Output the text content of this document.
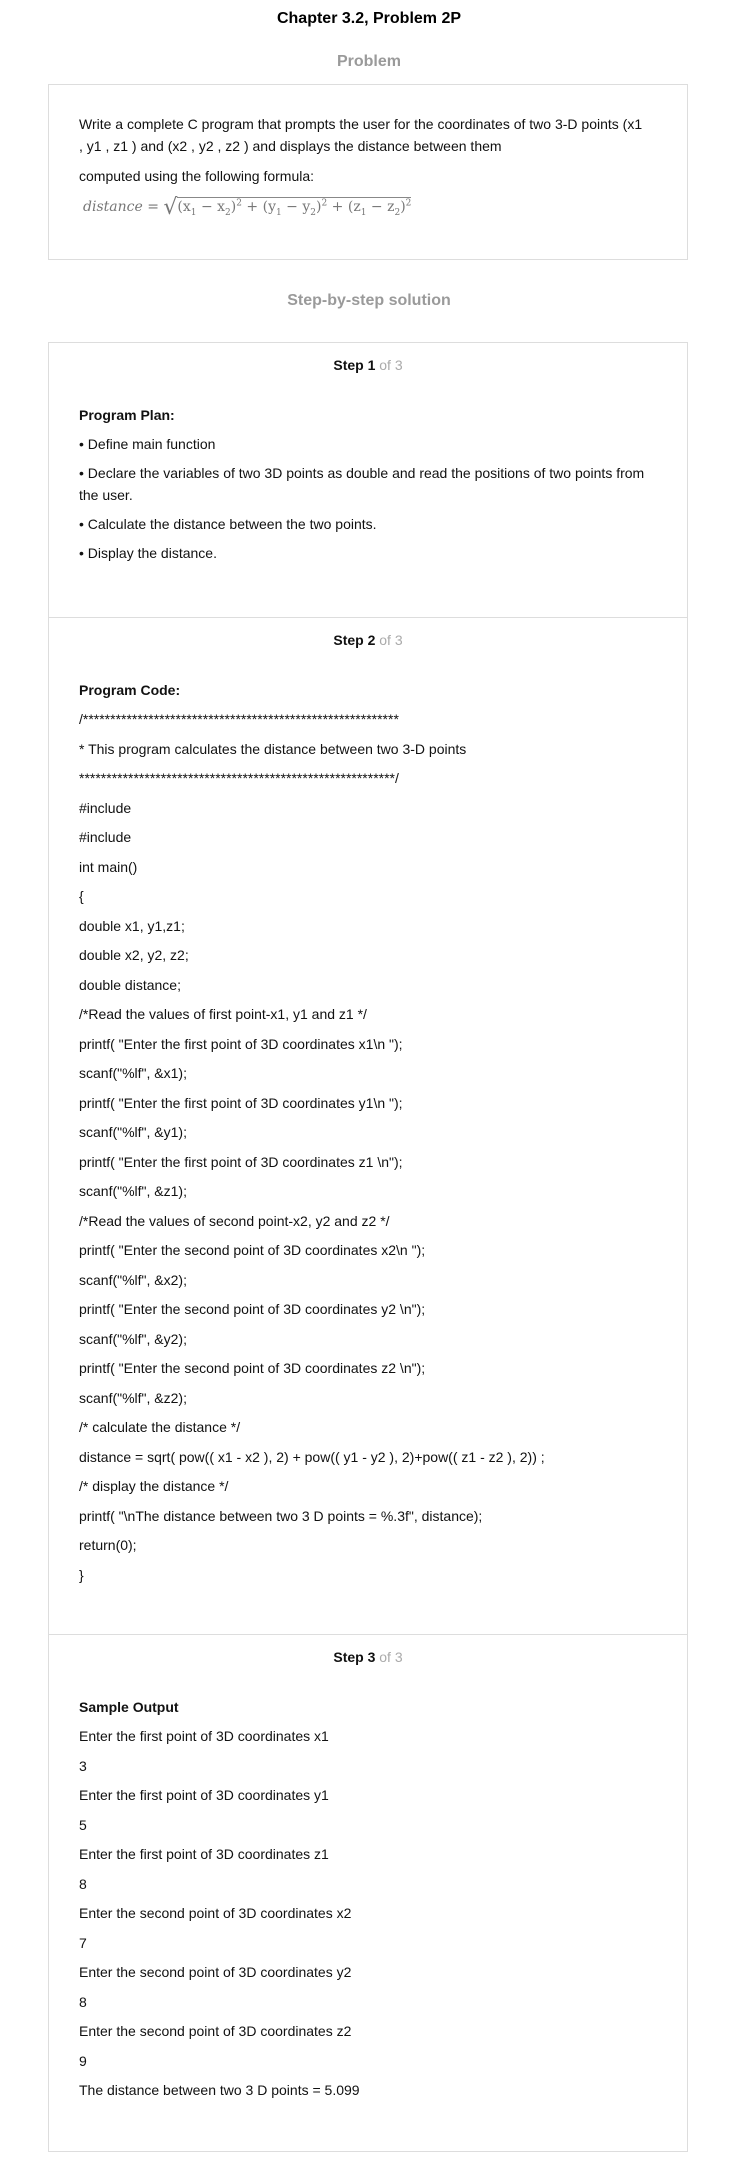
Chapter 3.2, Problem 2P
Problem

Write a complete C program that prompts the user for the coordinates of two 3-D points (x1

, y1 , z1 ) and (x2 , y2 , z2 ) and displays the distance between them

computed using the following formula:

distance = $√(x_1 - x_2)^2 + (y_1 - y_2)^2 + (z_1 - z_2)^2$
Step-by-step solution
Step 1 of 3
Program Plan:
• Define main function
• Declare the variables of two 3D points as double and read the positions of two points from the user.
• Calculate the distance between the two points.
• Display the distance.
Step 2 of 3
Program Code:
/**********************************************************
* This program calculates the distance between two 3-D points
**********************************************************/
#include
#include
int main()
{
double x1, y1,z1;
double x2, y2, z2;
double distance;
/*Read the values of first point-x1, y1 and z1 */
printf( "Enter the first point of 3D coordinates x1\n ");
scanf("%lf", &x1);
printf( "Enter the first point of 3D coordinates y1\n ");
scanf("%lf", &y1);
printf( "Enter the first point of 3D coordinates z1 \n");
scanf("%lf", &z1);
/*Read the values of second point-x2, y2 and z2 */
printf( "Enter the second point of 3D coordinates x2\n ");
scanf("%lf", &x2);
printf( "Enter the second point of 3D coordinates y2 \n");
scanf("%lf", &y2);
printf( "Enter the second point of 3D coordinates z2 \n");
scanf("%lf", &z2);
/* calculate the distance */
distance = sqrt( pow(( x1 - x2 ), 2) + pow(( y1 - y2 ), 2)+pow(( z1 - z2 ), 2)) ;
/* display the distance */
printf( "\nThe distance between two 3 D points = %.3f", distance);
return(0);
}
Step 3 of 3
Sample Output
Enter the first point of 3D coordinates x1
3
Enter the first point of 3D coordinates y1
5
Enter the first point of 3D coordinates z1
8
Enter the second point of 3D coordinates x2
7
Enter the second point of 3D coordinates y2
8
Enter the second point of 3D coordinates z2
9
The distance between two 3 D points = 5.099
